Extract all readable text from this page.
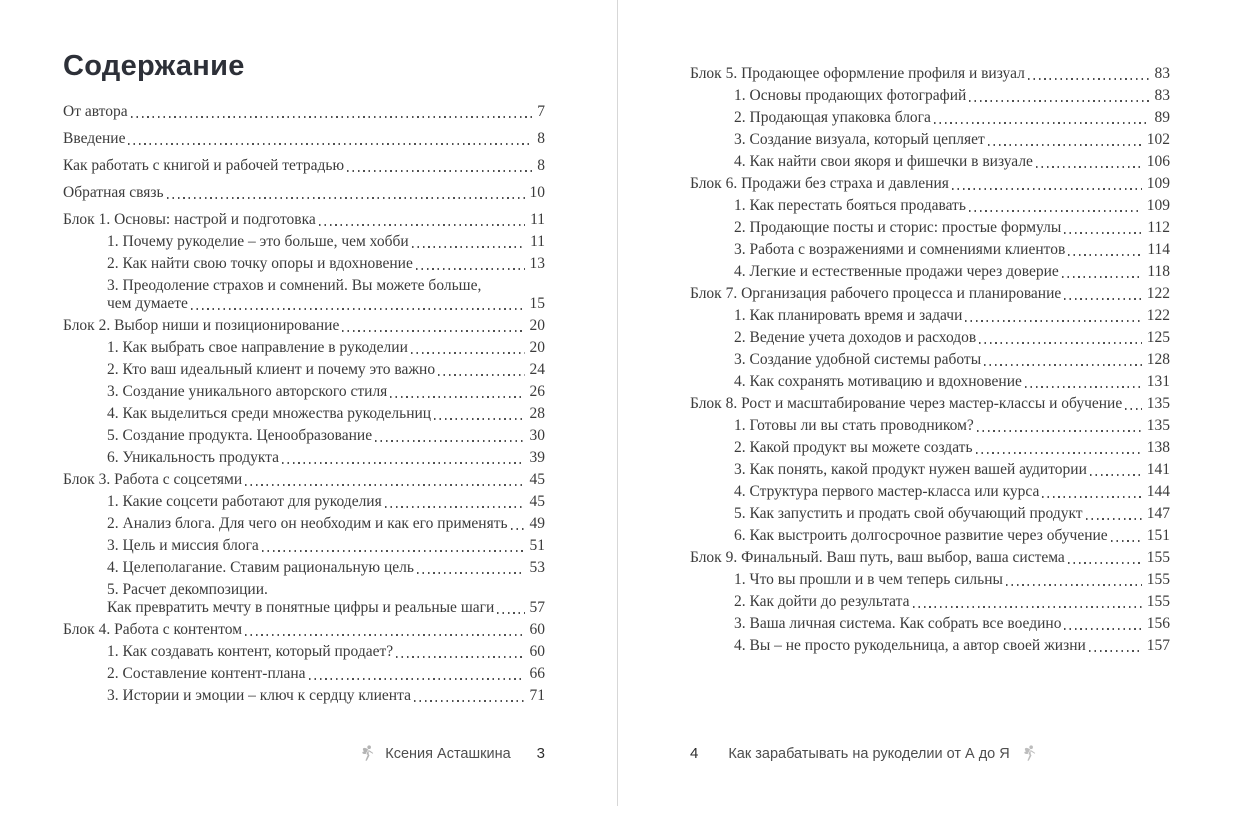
Содержание
От автора	7
Введение	8
Как работать с книгой и рабочей тетрадью	8
Обратная связь	10
Блок 1. Основы: настрой и подготовка	11
1. Почему рукоделие – это больше, чем хобби	11
2. Как найти свою точку опоры и вдохновение	13
3. Преодоление страхов и сомнений. Вы можете больше,
чем думаете	15
Блок 2. Выбор ниши и позиционирование	20
1. Как выбрать свое направление в рукоделии	20
2. Кто ваш идеальный клиент и почему это важно	24
3. Создание уникального авторского стиля	26
4. Как выделиться среди множества рукодельниц	28
5. Создание продукта. Ценообразование	30
6. Уникальность продукта	39
Блок 3. Работа с соцсетями	45
1. Какие соцсети работают для рукоделия	45
2. Анализ блога. Для чего он необходим и как его применять 49
3. Цель и миссия блога	51
4. Целеполагание. Ставим рациональную цель	53
5. Расчет декомпозиции.
Как превратить мечту в понятные цифры и реальные шаги 57
Блок 4. Работа с контентом	60
1. Как создавать контент, который продает?	60
2. Составление контент-плана	66
3. Истории и эмоции – ключ к сердцу клиента	71
Ксения Асташкина 3
Блок 5. Продающее оформление профиля и визуал	83
1. Основы продающих фотографий	83
2. Продающая упаковка блога	89
3. Создание визуала, который цепляет	102
4. Как найти свои якоря и фишечки в визуале	106
Блок 6. Продажи без страха и давления	109
1. Как перестать бояться продавать	109
2. Продающие посты и сторис: простые формулы	112
3. Работа с возражениями и сомнениями клиентов	114
4. Легкие и естественные продажи через доверие	118
Блок 7. Организация рабочего процесса и планирование	122
1. Как планировать время и задачи	122
2. Ведение учета доходов и расходов	125
3. Создание удобной системы работы	128
4. Как сохранять мотивацию и вдохновение	131
Блок 8. Рост и масштабирование через мастер-классы и обучение 135
1. Готовы ли вы стать проводником?	135
2. Какой продукт вы можете создать	138
3. Как понять, какой продукт нужен вашей аудитории	141
4. Структура первого мастер-класса или курса	144
5. Как запустить и продать свой обучающий продукт	147
6. Как выстроить долгосрочное развитие через обучение	151
Блок 9. Финальный. Ваш путь, ваш выбор, ваша система	155
1. Что вы прошли и в чем теперь сильны	155
2. Как дойти до результата	155
3. Ваша личная система. Как собрать все воедино	156
4. Вы – не просто рукодельница, а автор своей жизни	157
4 Как зарабатывать на рукоделии от А до Я
